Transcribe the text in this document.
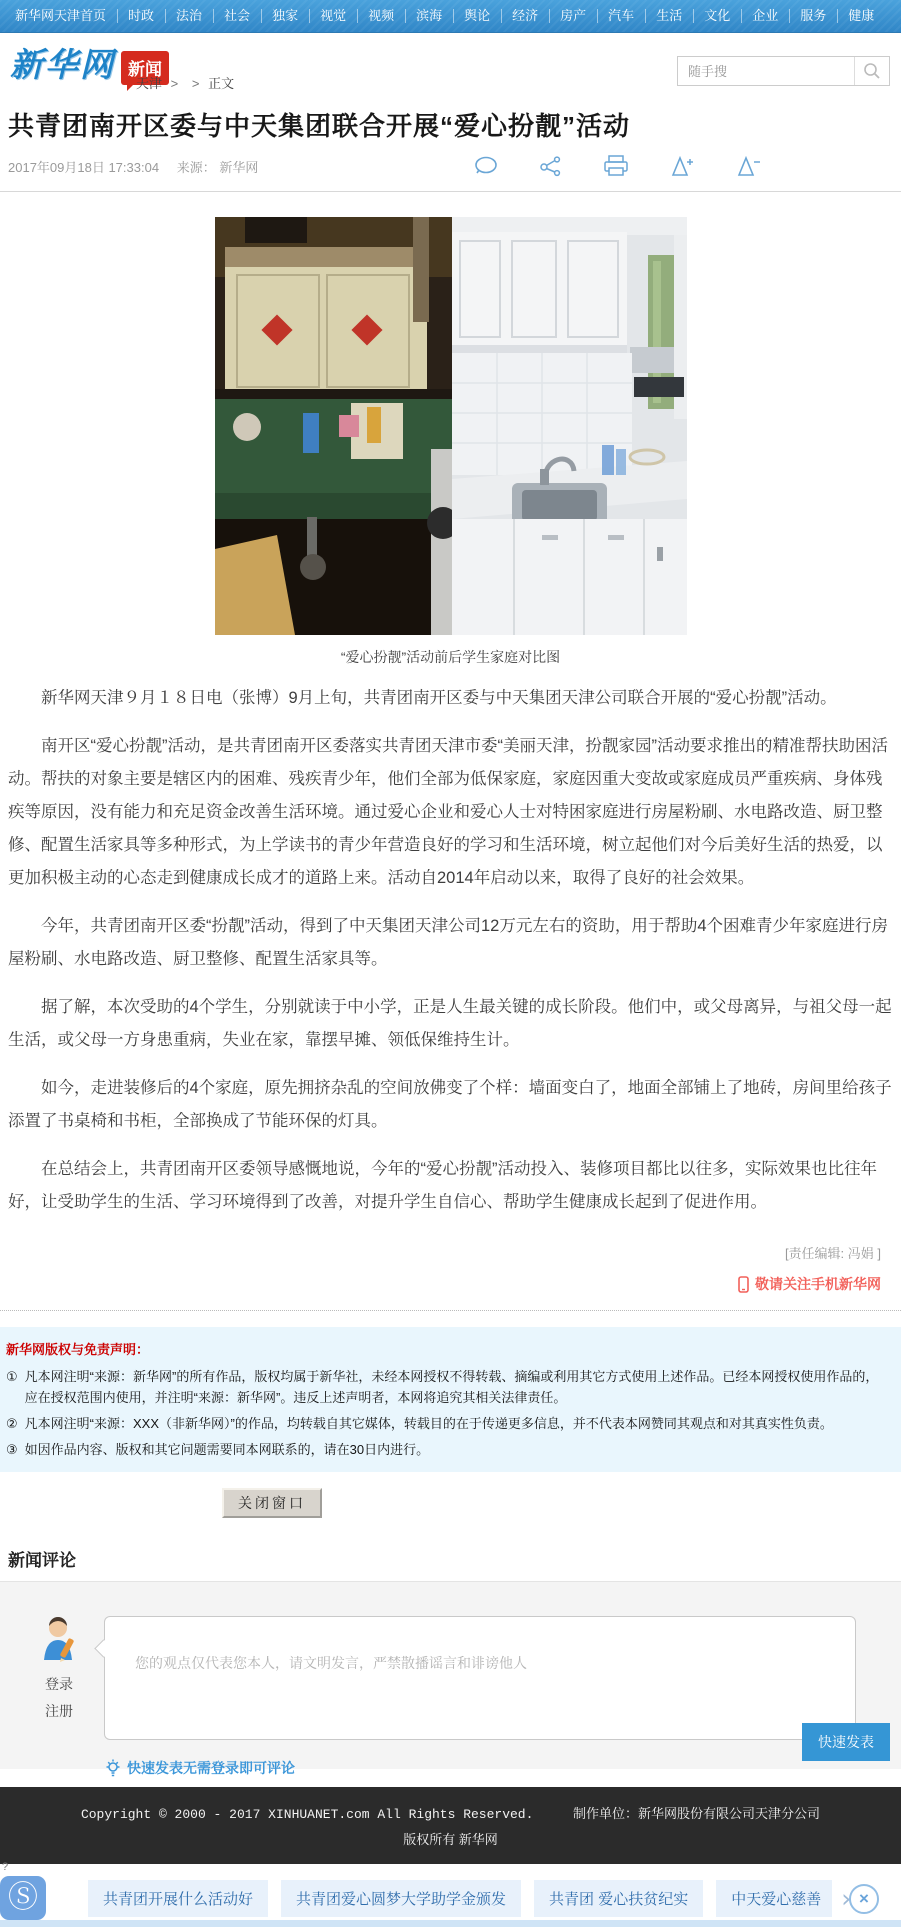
新华网天津首页	时政	法治	社会	独家	视觉	视频	滨海	舆论	经济	房产	汽车	生活	文化	企业	服务	健康
新华网 新闻
天津 > > 正文
随手搜
共青团南开区委与中天集团联合开展“爱心扮靓”活动
2017年09月18日 17:33:04 来源： 新华网
“爱心扮靓”活动前后学生家庭对比图

新华网天津９月１８日电（张博）9月上旬，共青团南开区委与中天集团天津公司联合开展的“爱心扮靓”活动。

南开区“爱心扮靓”活动，是共青团南开区委落实共青团天津市委“美丽天津，扮靓家园”活动要求推出的精准帮扶助困活动。帮扶的对象主要是辖区内的困难、残疾青少年，他们全部为低保家庭，家庭因重大变故或家庭成员严重疾病、身体残疾等原因，没有能力和充足资金改善生活环境。通过爱心企业和爱心人士对特困家庭进行房屋粉刷、水电路改造、厨卫整修、配置生活家具等多种形式，为上学读书的青少年营造良好的学习和生活环境，树立起他们对今后美好生活的热爱，以更加积极主动的心态走到健康成长成才的道路上来。活动自2014年启动以来，取得了良好的社会效果。

今年，共青团南开区委“扮靓”活动，得到了中天集团天津公司12万元左右的资助，用于帮助4个困难青少年家庭进行房屋粉刷、水电路改造、厨卫整修、配置生活家具等。

据了解，本次受助的4个学生，分别就读于中小学，正是人生最关键的成长阶段。他们中，或父母离异，与祖父母一起生活，或父母一方身患重病，失业在家，靠摆早摊、领低保维持生计。

如今，走进装修后的4个家庭，原先拥挤杂乱的空间放佛变了个样：墙面变白了，地面全部铺上了地砖，房间里给孩子添置了书桌椅和书柜，全部换成了节能环保的灯具。

在总结会上，共青团南开区委领导感慨地说，今年的“爱心扮靓”活动投入、装修项目都比以往多，实际效果也比往年好，让受助学生的生活、学习环境得到了改善，对提升学生自信心、帮助学生健康成长起到了促进作用。

[责任编辑: 冯娟 ]
敬请关注手机新华网
新华网版权与免责声明：
① 凡本网注明“来源：新华网”的所有作品，版权均属于新华社，未经本网授权不得转载、摘编或利用其它方式使用上述作品。已经本网授权使用作品的，应在授权范围内使用，并注明“来源：新华网”。违反上述声明者，本网将追究其相关法律责任。
② 凡本网注明“来源：XXX（非新华网）”的作品，均转载自其它媒体，转载目的在于传递更多信息，并不代表本网赞同其观点和对其真实性负责。
③ 如因作品内容、版权和其它问题需要同本网联系的，请在30日内进行。
关闭窗口
新闻评论
登录
注册
您的观点仅代表您本人，请文明发言，严禁散播谣言和诽谤他人
快速发表无需登录即可评论
快速发表
Copyright © 2000 - 2017 XINHUANET.com All Rights Reserved.	制作单位：新华网股份有限公司天津分公司
版权所有 新华网
?
Ⓢ	共青团开展什么活动好	共青团爱心圆梦大学助学金颁发	共青团 爱心扶贫纪实	中天爱心慈善 › ×
